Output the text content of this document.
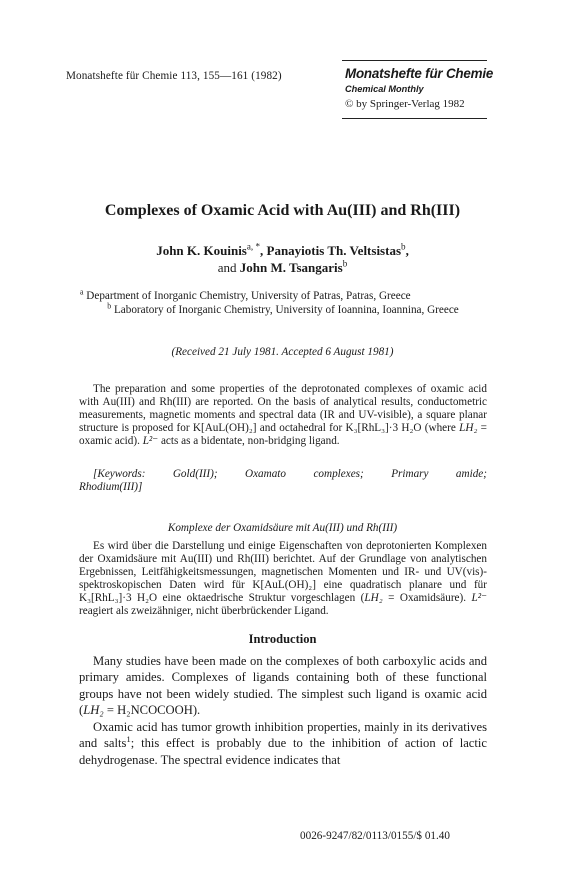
Monatshefte für Chemie 113, 155—161 (1982)	Monatshefte für Chemie
Chemical Monthly
© by Springer-Verlag 1982
Complexes of Oxamic Acid with Au(III) and Rh(III)
John K. Kouinis$^{a, *}$, Panayiotis Th. Veltsistas$^b$,
and John M. Tsangaris$^b$
$^a$ Department of Inorganic Chemistry, University of Patras, Patras, Greece
$^b$ Laboratory of Inorganic Chemistry, University of Ioannina, Ioannina, Greece
(Received 21 July 1981. Accepted 6 August 1981)
The preparation and some properties of the deprotonated complexes of oxamic acid with Au(III) and Rh(III) are reported. On the basis of analytical results, conductometric measurements, magnetic moments and spectral data (IR and UV-visible), a square planar structure is proposed for K[AuL(OH)₂] and octahedral for K₃[RhL₃]·3 H₂O (where LH₂ = oxamic acid). L²⁻ acts as a bidentate, non-bridging ligand.
[Keywords: Gold(III); Oxamato complexes; Primary amide;
Rhodium(III)]
Komplexe der Oxamidsäure mit Au(III) und Rh(III)
Es wird über die Darstellung und einige Eigenschaften von deprotonierten Komplexen der Oxamidsäure mit Au(III) und Rh(III) berichtet. Auf der Grundlage von analytischen Ergebnissen, Leitfähigkeitsmessungen, magnetischen Momenten und IR- und UV(vis)-spektroskopischen Daten wird für K[AuL(OH)₂] eine quadratisch planare und für K₃[RhL₃]·3 H₂O eine oktaedrische Struktur vorgeschlagen (LH₂ = Oxamidsäure). L²⁻ reagiert als zweizähniger, nicht überbrückender Ligand.
Introduction
Many studies have been made on the complexes of both carboxylic acids and primary amides. Complexes of ligands containing both of these functional groups have not been widely studied. The simplest such ligand is oxamic acid (LH₂ = H₂NCOCOOH).
Oxamic acid has tumor growth inhibition properties, mainly in its derivatives and salts$^1$; this effect is probably due to the inhibition of action of lactic dehydrogenase. The spectral evidence indicates that
0026-9247/82/0113/0155/$ 01.40
